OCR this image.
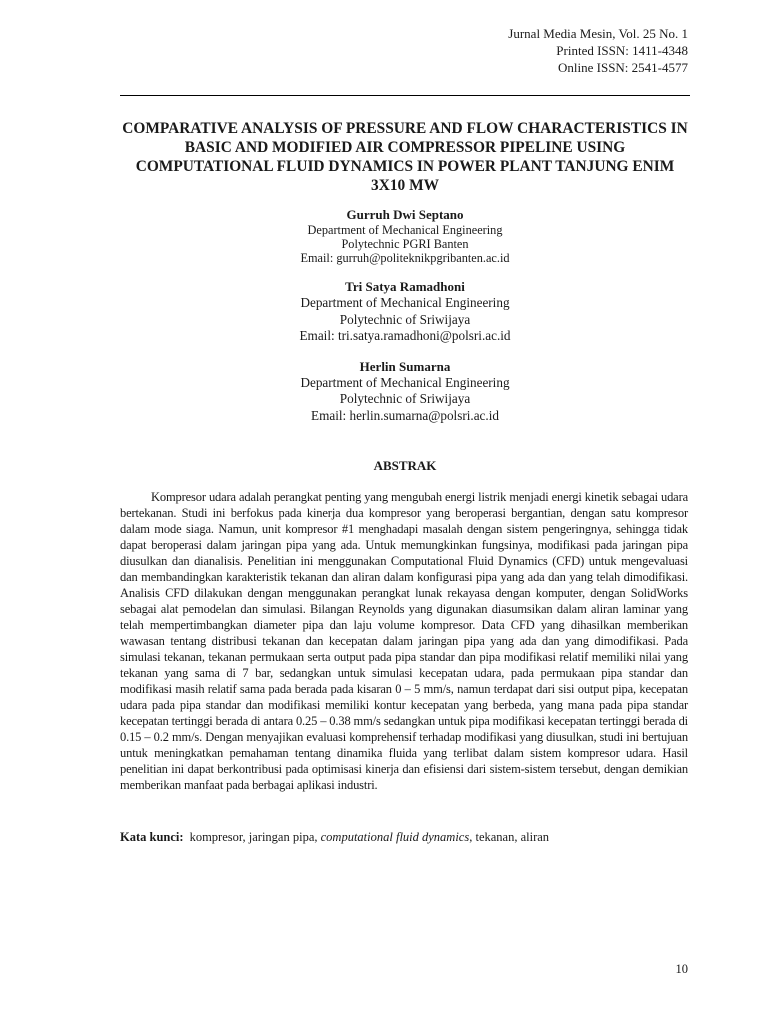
Jurnal Media Mesin, Vol. 25 No. 1
Printed ISSN: 1411-4348
Online ISSN: 2541-4577
COMPARATIVE ANALYSIS OF PRESSURE AND FLOW CHARACTERISTICS IN BASIC AND MODIFIED AIR COMPRESSOR PIPELINE USING COMPUTATIONAL FLUID DYNAMICS IN POWER PLANT TANJUNG ENIM 3X10 MW
Gurruh Dwi Septano
Department of Mechanical Engineering
Polytechnic PGRI Banten
Email: gurruh@politeknikpgribanten.ac.id
Tri Satya Ramadhoni
Department of Mechanical Engineering
Polytechnic of Sriwijaya
Email: tri.satya.ramadhoni@polsri.ac.id
Herlin Sumarna
Department of Mechanical Engineering
Polytechnic of Sriwijaya
Email: herlin.sumarna@polsri.ac.id
ABSTRAK

Kompresor udara adalah perangkat penting yang mengubah energi listrik menjadi energi kinetik sebagai udara bertekanan. Studi ini berfokus pada kinerja dua kompresor yang beroperasi bergantian, dengan satu kompresor dalam mode siaga. Namun, unit kompresor #1 menghadapi masalah dengan sistem pengeringnya, sehingga tidak dapat beroperasi dalam jaringan pipa yang ada. Untuk memungkinkan fungsinya, modifikasi pada jaringan pipa diusulkan dan dianalisis. Penelitian ini menggunakan Computational Fluid Dynamics (CFD) untuk mengevaluasi dan membandingkan karakteristik tekanan dan aliran dalam konfigurasi pipa yang ada dan yang telah dimodifikasi. Analisis CFD dilakukan dengan menggunakan perangkat lunak rekayasa dengan komputer, dengan SolidWorks sebagai alat pemodelan dan simulasi. Bilangan Reynolds yang digunakan diasumsikan dalam aliran laminar yang telah mempertimbangkan diameter pipa dan laju volume kompresor. Data CFD yang dihasilkan memberikan wawasan tentang distribusi tekanan dan kecepatan dalam jaringan pipa yang ada dan yang dimodifikasi. Pada simulasi tekanan, tekanan permukaan serta output pada pipa standar dan pipa modifikasi relatif memiliki nilai yang tekanan yang sama di 7 bar, sedangkan untuk simulasi kecepatan udara, pada permukaan pipa standar dan modifikasi masih relatif sama pada berada pada kisaran 0 – 5 mm/s, namun terdapat dari sisi output pipa, kecepatan udara pada pipa standar dan modifikasi memiliki kontur kecepatan yang berbeda, yang mana pada pipa standar kecepatan tertinggi berada di antara 0.25 – 0.38 mm/s sedangkan untuk pipa modifikasi kecepatan tertinggi berada di 0.15 – 0.2 mm/s. Dengan menyajikan evaluasi komprehensif terhadap modifikasi yang diusulkan, studi ini bertujuan untuk meningkatkan pemahaman tentang dinamika fluida yang terlibat dalam sistem kompresor udara. Hasil penelitian ini dapat berkontribusi pada optimisasi kinerja dan efisiensi dari sistem-sistem tersebut, dengan demikian memberikan manfaat pada berbagai aplikasi industri.

Kata kunci: kompresor, jaringan pipa, computational fluid dynamics, tekanan, aliran

10
